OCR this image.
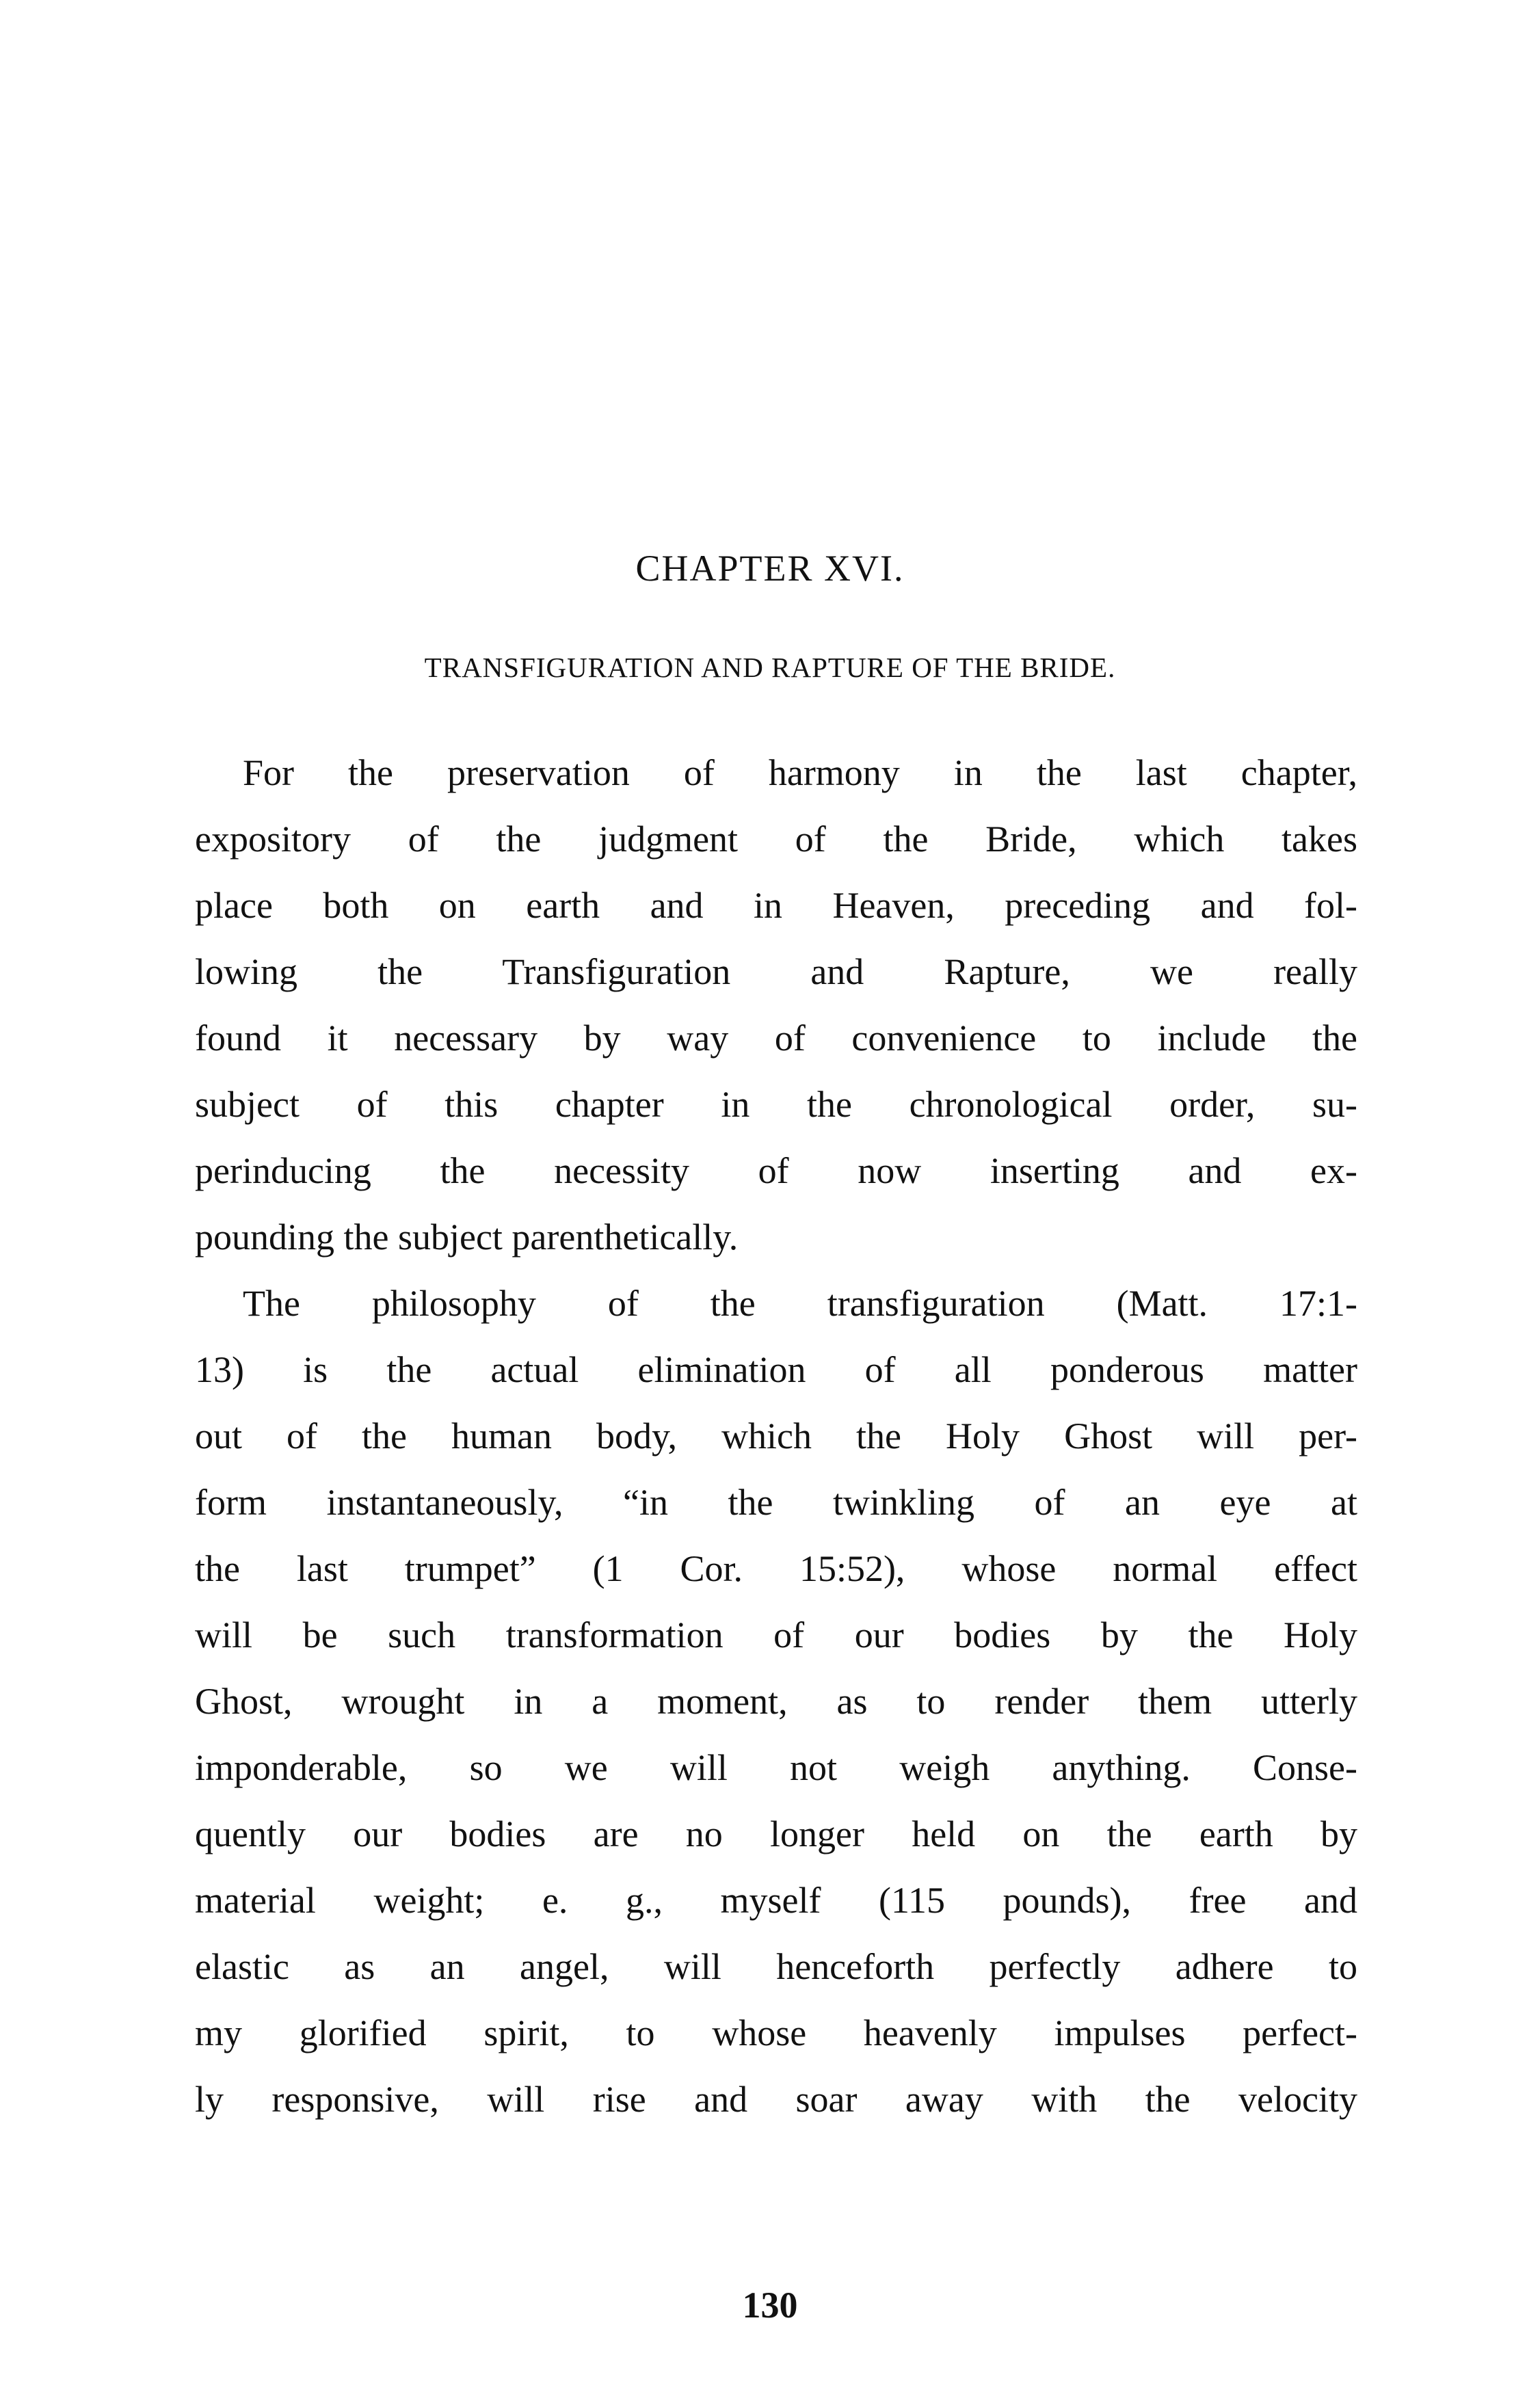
CHAPTER XVI.
TRANSFIGURATION AND RAPTURE OF THE BRIDE.
For the preservation of harmony in the last chapter,
expository of the judgment of the Bride, which takes
place both on earth and in Heaven, preceding and fol-
lowing the Transfiguration and Rapture, we really
found it necessary by way of convenience to include the
subject of this chapter in the chronological order, su-
perinducing the necessity of now inserting and ex-
pounding the subject parenthetically.
The philosophy of the transfiguration (Matt. 17:1-
13) is the actual elimination of all ponderous matter
out of the human body, which the Holy Ghost will per-
form instantaneously, “in the twinkling of an eye at
the last trumpet” (1 Cor. 15:52), whose normal effect
will be such transformation of our bodies by the Holy
Ghost, wrought in a moment, as to render them utterly
imponderable, so we will not weigh anything. Conse-
quently our bodies are no longer held on the earth by
material weight; e. g., myself (115 pounds), free and
elastic as an angel, will henceforth perfectly adhere to
my glorified spirit, to whose heavenly impulses perfect-
ly responsive, will rise and soar away with the velocity
130
